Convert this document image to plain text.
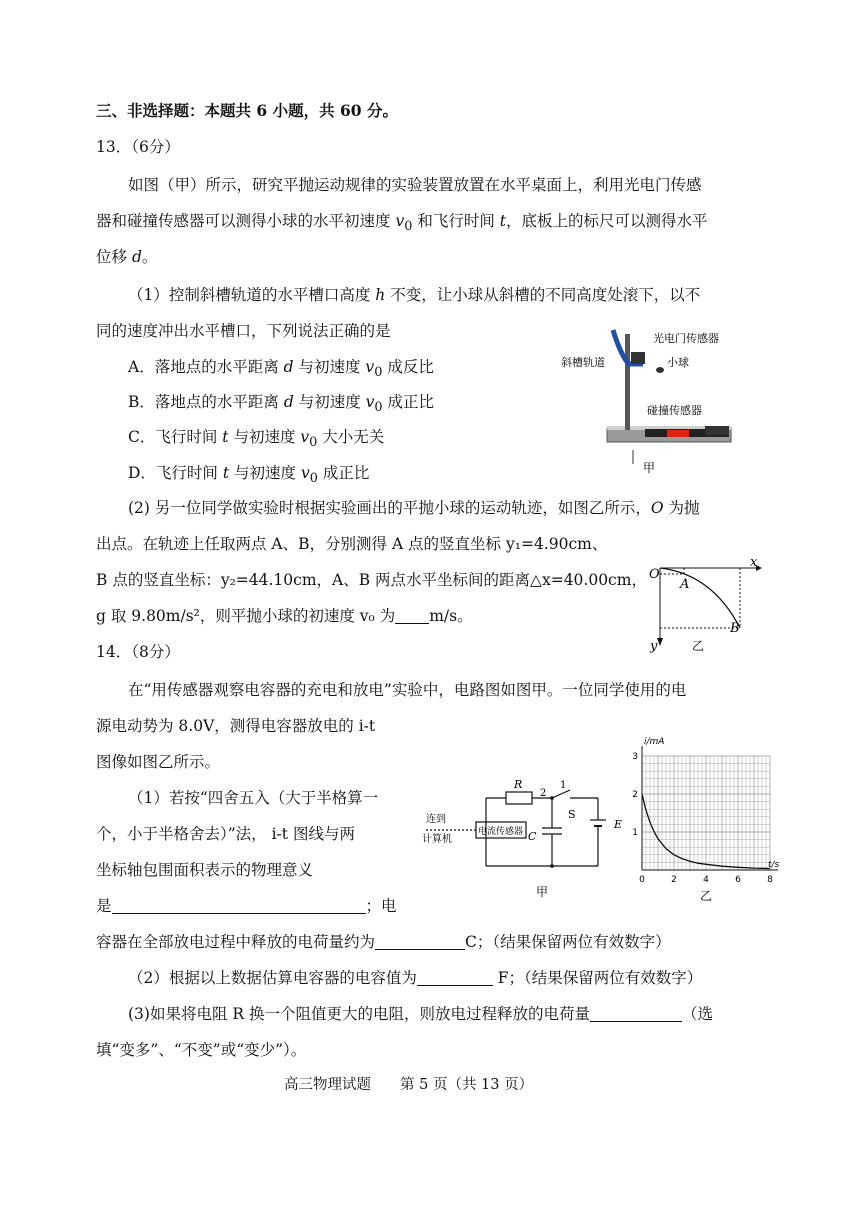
三、非选择题：本题共 6 小题，共 60 分。
13．（6分）
如图（甲）所示，研究平抛运动规律的实验装置放置在水平桌面上，利用光电门传感
器和碰撞传感器可以测得小球的水平初速度 $v_0$ 和飞行时间 t，底板上的标尺可以测得水平
位移 d。
（1）控制斜槽轨道的水平槽口高度 h 不变，让小球从斜槽的不同高度处滚下，以不
同的速度冲出水平槽口，下列说法正确的是
A．落地点的水平距离 d 与初速度 $v_0$ 成反比
B．落地点的水平距离 d 与初速度 $v_0$ 成正比
C．飞行时间 t 与初速度 $v_0$ 大小无关
D．飞行时间 t 与初速度 $v_0$ 成正比
斜槽轨道
光电门传感器
小球
碰撞传感器
甲
(2) 另一位同学做实验时根据实验画出的平抛小球的运动轨迹，如图乙所示，O 为抛
出点。在轨迹上任取两点 A、B，分别测得 A 点的竖直坐标 y₁=4.90cm、
B 点的竖直坐标：y₂=44.10cm，A、B 两点水平坐标间的距离△x=40.00cm，
g 取 9.80m/s²，则平抛小球的初速度 v₀ 为 m/s。
O
x
y
A
B
乙
14．（8分）
在“用传感器观察电容器的充电和放电”实验中，电路图如图甲。一位同学使用的电
源电动势为 8.0V，测得电容器放电的 i-t
图像如图乙所示。
（1）若按“四舍五入（大于半格算一
个，小于半格舍去）”法， i-t 图线与两
坐标轴包围面积表示的物理意义
是	；电
容器在全部放电过程中释放的电荷量约为	C；（结果保留两位有效数字）
（2）根据以上数据估算电容器的电容值为	F；（结果保留两位有效数字）
(3)如果将电阻 R 换一个阻值更大的电阻，则放电过程释放的电荷量	（选
填“变多”、“不变”或“变少”）。
连到
计算机
电流传感器
R
2
1
S
C
E
甲
0	2	4	6	8
1
2
3
i/mA
t/s
乙
高三物理试题　　第 5 页（共 13 页）
